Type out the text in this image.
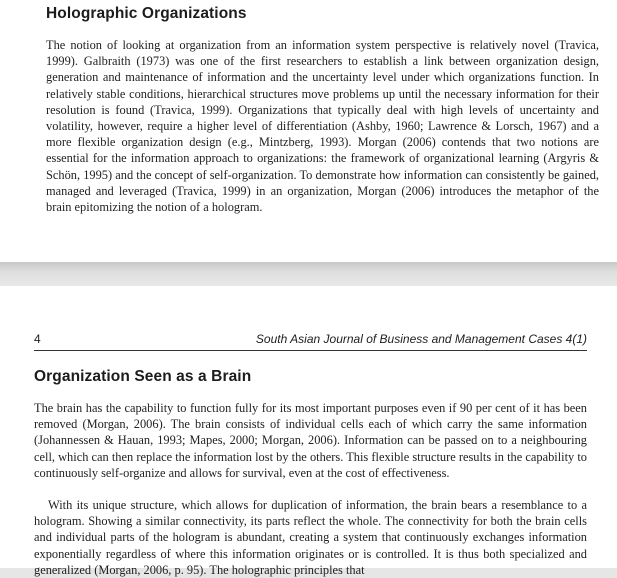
Holographic Organizations

The notion of looking at organization from an information system perspective is relatively novel (Travica, 1999). Galbraith (1973) was one of the first researchers to establish a link between organization design, generation and maintenance of information and the uncertainty level under which organizations function. In relatively stable conditions, hierarchical structures move problems up until the necessary information for their resolution is found (Travica, 1999). Organizations that typically deal with high levels of uncertainty and volatility, however, require a higher level of differentiation (Ashby, 1960; Lawrence & Lorsch, 1967) and a more flexible organization design (e.g., Mintzberg, 1993). Morgan (2006) contends that two notions are essential for the information approach to organizations: the framework of organizational learning (Argyris & Schön, 1995) and the concept of self-organization. To demonstrate how information can consistently be gained, managed and leveraged (Travica, 1999) in an organization, Morgan (2006) introduces the metaphor of the brain epitomizing the notion of a hologram.

4	South Asian Journal of Business and Management Cases 4(1)
Organization Seen as a Brain

The brain has the capability to function fully for its most important purposes even if 90 per cent of it has been removed (Morgan, 2006). The brain consists of individual cells each of which carry the same information (Johannessen & Hauan, 1993; Mapes, 2000; Morgan, 2006). Information can be passed on to a neighbouring cell, which can then replace the information lost by the others. This flexible structure results in the capability to continuously self-organize and allows for survival, even at the cost of effectiveness.

With its unique structure, which allows for duplication of information, the brain bears a resemblance to a hologram. Showing a similar connectivity, its parts reflect the whole. The connectivity for both the brain cells and individual parts of the hologram is abundant, creating a system that continuously exchanges information exponentially regardless of where this information originates or is controlled. It is thus both specialized and generalized (Morgan, 2006, p. 95). The holographic principles that
